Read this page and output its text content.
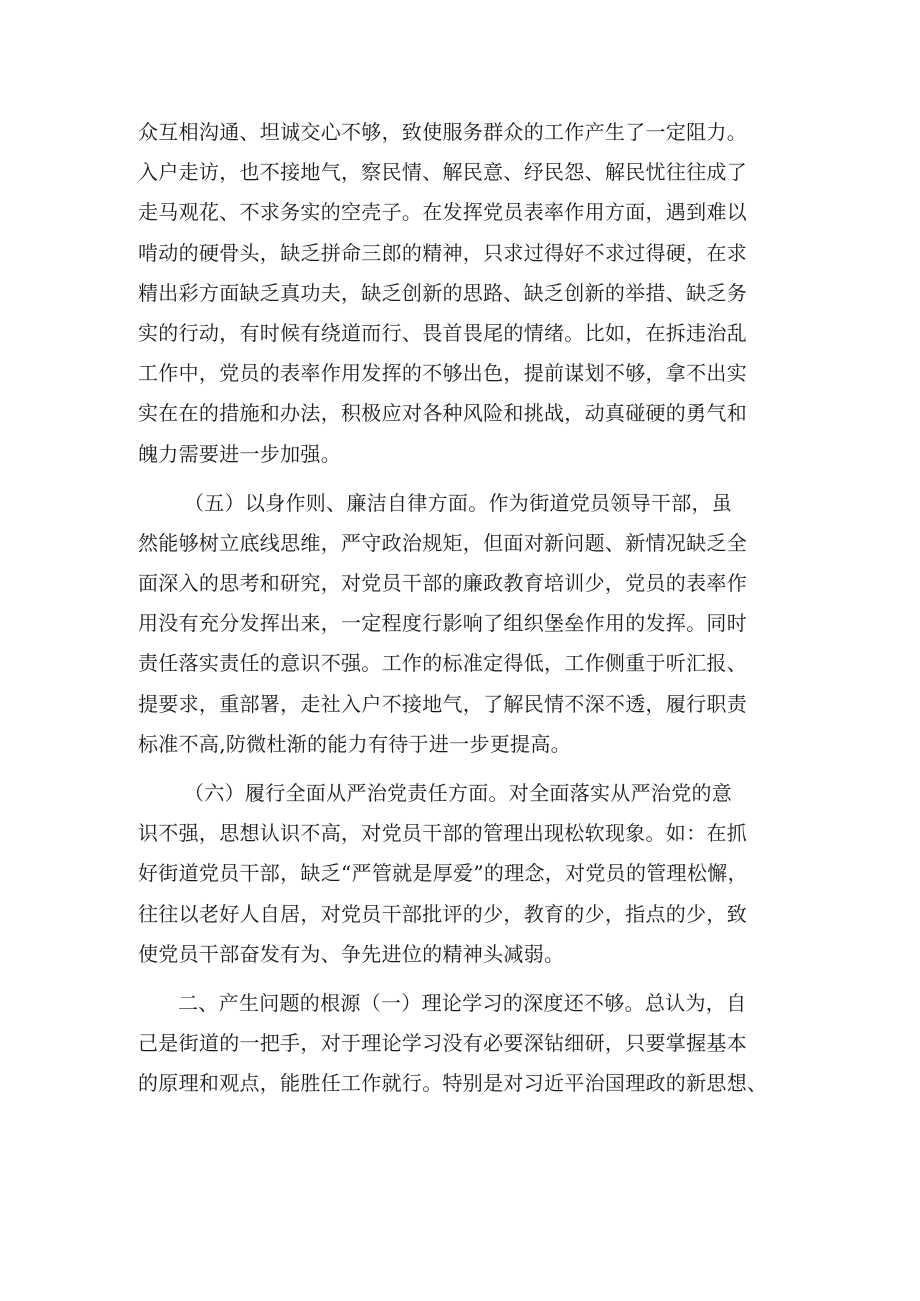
众互相沟通、坦诚交心不够，致使服务群众的工作产生了一定阻力。
入户走访，也不接地气，察民情、解民意、纾民怨、解民忧往往成了
走马观花、不求务实的空壳子。在发挥党员表率作用方面，遇到难以
啃动的硬骨头，缺乏拼命三郎的精神，只求过得好不求过得硬，在求
精出彩方面缺乏真功夫，缺乏创新的思路、缺乏创新的举措、缺乏务
实的行动，有时候有绕道而行、畏首畏尾的情绪。比如，在拆违治乱
工作中，党员的表率作用发挥的不够出色，提前谋划不够，拿不出实
实在在的措施和办法，积极应对各种风险和挑战，动真碰硬的勇气和
魄力需要进一步加强。
（五）以身作则、廉洁自律方面。作为街道党员领导干部，虽
然能够树立底线思维，严守政治规矩，但面对新问题、新情况缺乏全
面深入的思考和研究，对党员干部的廉政教育培训少，党员的表率作
用没有充分发挥出来，一定程度行影响了组织堡垒作用的发挥。同时
责任落实责任的意识不强。工作的标准定得低，工作侧重于听汇报、
提要求，重部署，走社入户不接地气，了解民情不深不透，履行职责
标准不高,防微杜渐的能力有待于进一步更提高。
（六）履行全面从严治党责任方面。对全面落实从严治党的意
识不强，思想认识不高，对党员干部的管理出现松软现象。如：在抓
好街道党员干部，缺乏“严管就是厚爱”的理念，对党员的管理松懈，
往往以老好人自居，对党员干部批评的少，教育的少，指点的少，致
使党员干部奋发有为、争先进位的精神头减弱。
二、产生问题的根源（一）理论学习的深度还不够。总认为，自
己是街道的一把手，对于理论学习没有必要深钻细研，只要掌握基本
的原理和观点，能胜任工作就行。特别是对习近平治国理政的新思想、
